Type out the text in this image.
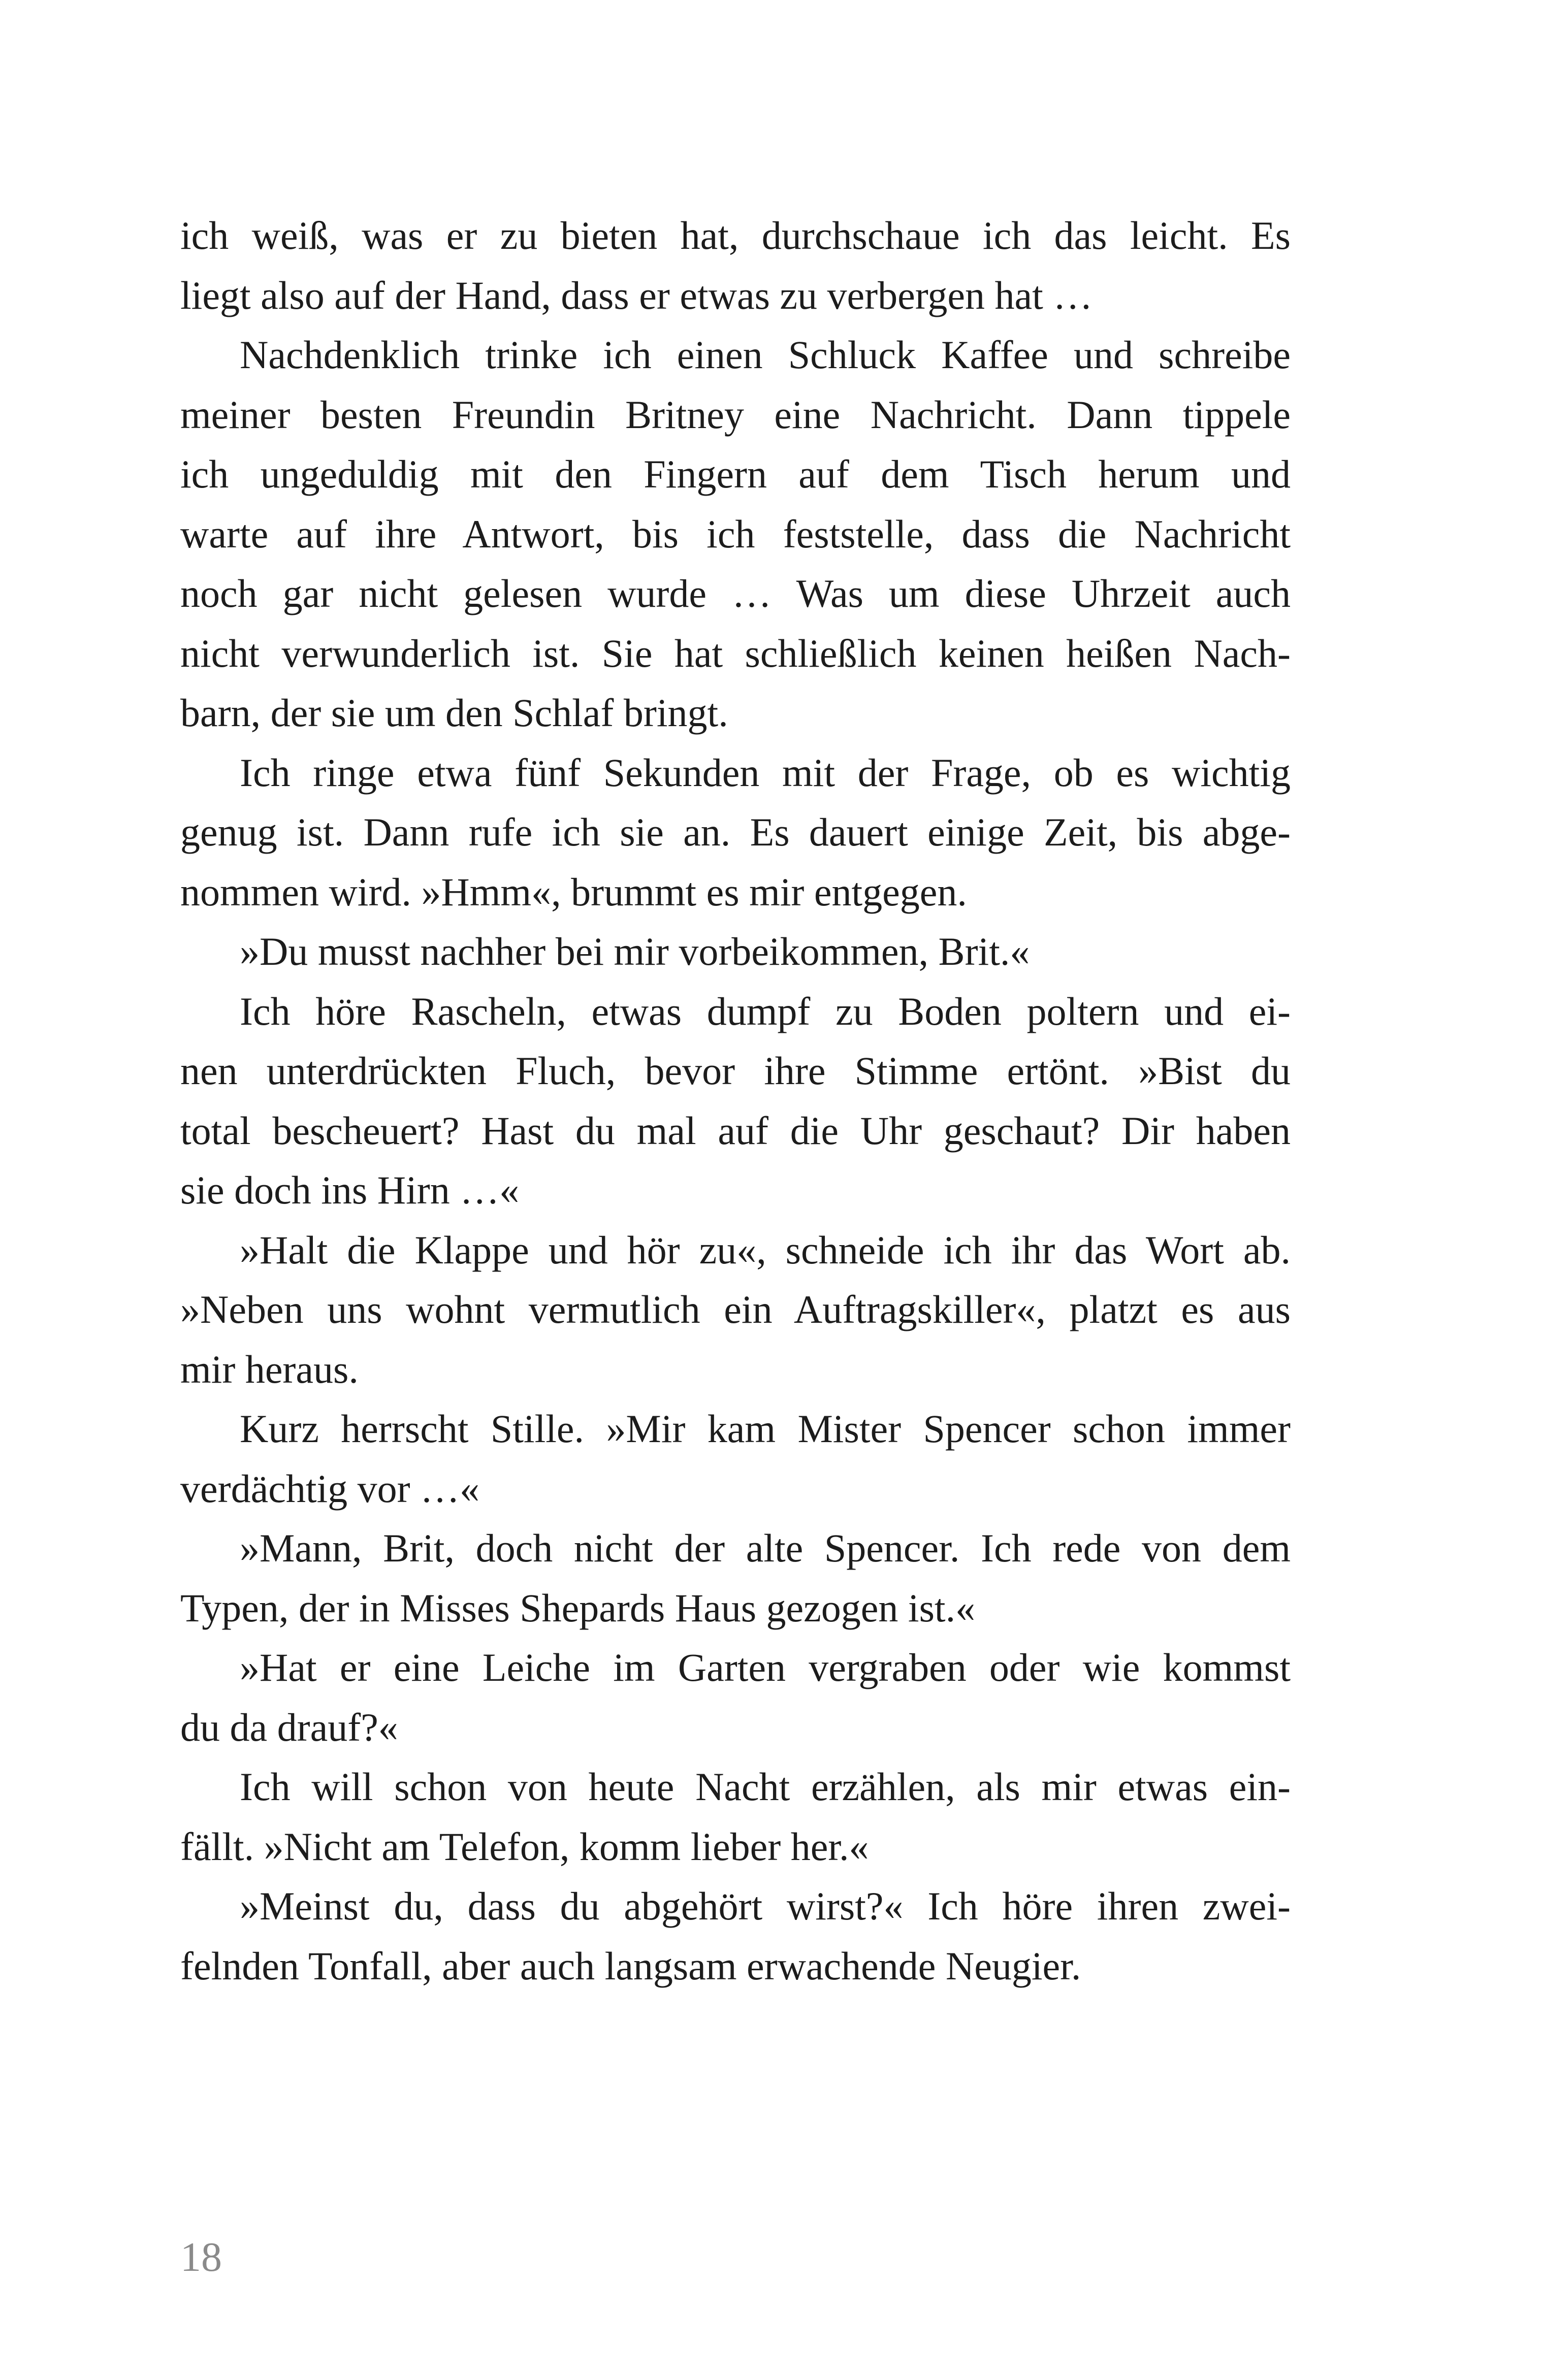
ich weiß, was er zu bieten hat, durchschaue ich das leicht. Es
liegt also auf der Hand, dass er etwas zu verbergen hat …
Nachdenklich trinke ich einen Schluck Kaffee und schreibe
meiner besten Freundin Britney eine Nachricht. Dann tippele
ich ungeduldig mit den Fingern auf dem Tisch herum und
warte auf ihre Antwort, bis ich feststelle, dass die Nachricht
noch gar nicht gelesen wurde … Was um diese Uhrzeit auch
nicht verwunderlich ist. Sie hat schließlich keinen heißen Nach-
barn, der sie um den Schlaf bringt.
Ich ringe etwa fünf Sekunden mit der Frage, ob es wichtig
genug ist. Dann rufe ich sie an. Es dauert einige Zeit, bis abge-
nommen wird. »Hmm«, brummt es mir entgegen.
»Du musst nachher bei mir vorbeikommen, Brit.«
Ich höre Rascheln, etwas dumpf zu Boden poltern und ei-
nen unterdrückten Fluch, bevor ihre Stimme ertönt. »Bist du
total bescheuert? Hast du mal auf die Uhr geschaut? Dir haben
sie doch ins Hirn …«
»Halt die Klappe und hör zu«, schneide ich ihr das Wort ab.
»Neben uns wohnt vermutlich ein Auftragskiller«, platzt es aus
mir heraus.
Kurz herrscht Stille. »Mir kam Mister Spencer schon immer
verdächtig vor …«
»Mann, Brit, doch nicht der alte Spencer. Ich rede von dem
Typen, der in Misses Shepards Haus gezogen ist.«
»Hat er eine Leiche im Garten vergraben oder wie kommst
du da drauf?«
Ich will schon von heute Nacht erzählen, als mir etwas ein-
fällt. »Nicht am Telefon, komm lieber her.«
»Meinst du, dass du abgehört wirst?« Ich höre ihren zwei-
felnden Tonfall, aber auch langsam erwachende Neugier.
18
